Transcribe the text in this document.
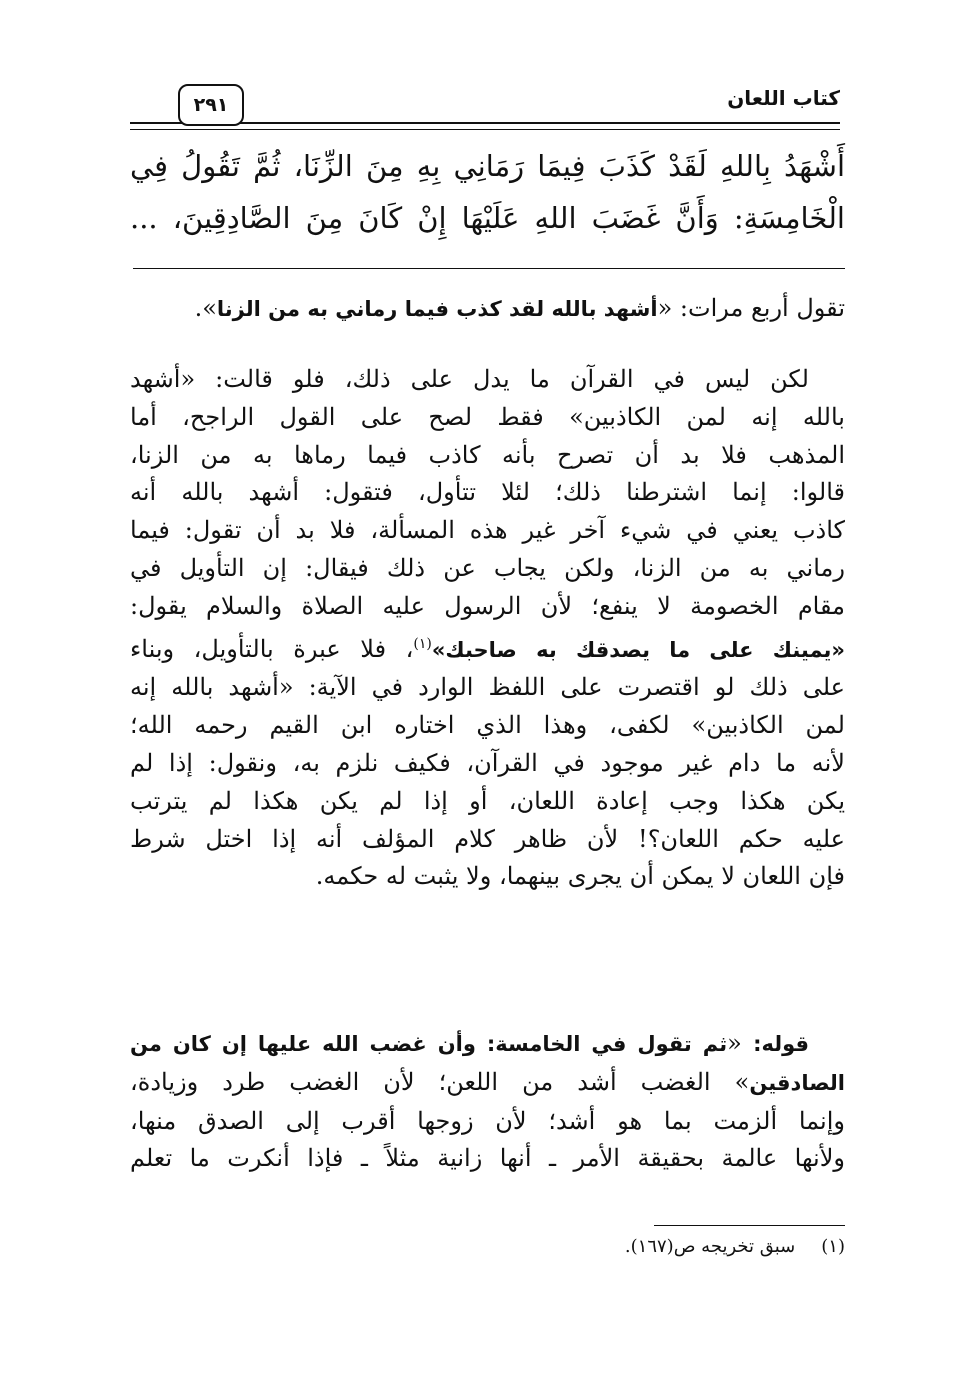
كتاب اللعان
٢٩١
أَشْهَدُ بِاللهِ لَقَدْ كَذَبَ فِيمَا رَمَانِي بِهِ مِنَ الزِّنَا، ثُمَّ تَقُولُ فِي
الْخَامِسَةِ: وَأَنَّ غَضَبَ اللهِ عَلَيْهَا إِنْ كَانَ مِنَ الصَّادِقِينَ، ...
تقول أربع مرات: «أشهد بالله لقد كذب فيما رماني به من الزنا».
لكن ليس في القرآن ما يدل على ذلك، فلو قالت: «أشهد
بالله إنه لمن الكاذبين» فقط لصح على القول الراجح، أما
المذهب فلا بد أن تصرح بأنه كاذب فيما رماها به من الزنا،
قالوا: إنما اشترطنا ذلك؛ لئلا تتأول، فتقول: أشهد بالله أنه
كاذب يعني في شيء آخر غير هذه المسألة، فلا بد أن تقول: فيما
رماني به من الزنا، ولكن يجاب عن ذلك فيقال: إن التأويل في
مقام الخصومة لا ينفع؛ لأن الرسول عليه الصلاة والسلام يقول:
«يمينك على ما يصدقك به صاحبك»$^{(١)}$، فلا عبرة بالتأويل، وبناء
على ذلك لو اقتصرت على اللفظ الوارد في الآية: «أشهد بالله إنه
لمن الكاذبين» لكفى، وهذا الذي اختاره ابن القيم رحمه الله؛
لأنه ما دام غير موجود في القرآن، فكيف نلزم به، ونقول: إذا لم
يكن هكذا وجب إعادة اللعان، أو إذا لم يكن هكذا لم يترتب
عليه حكم اللعان؟! لأن ظاهر كلام المؤلف أنه إذا اختل شرط
فإن اللعان لا يمكن أن يجرى بينهما، ولا يثبت له حكمه.
قوله: «ثم تقول في الخامسة: وأن غضب الله عليها إن كان من
الصادقين» الغضب أشد من اللعن؛ لأن الغضب طرد وزيادة،
وإنما ألزمت بما هو أشد؛ لأن زوجها أقرب إلى الصدق منها،
ولأنها عالمة بحقيقة الأمر ـ أنها زانية مثلاً ـ فإذا أنكرت ما تعلم
(١)سبق تخريجه ص(١٦٧).
